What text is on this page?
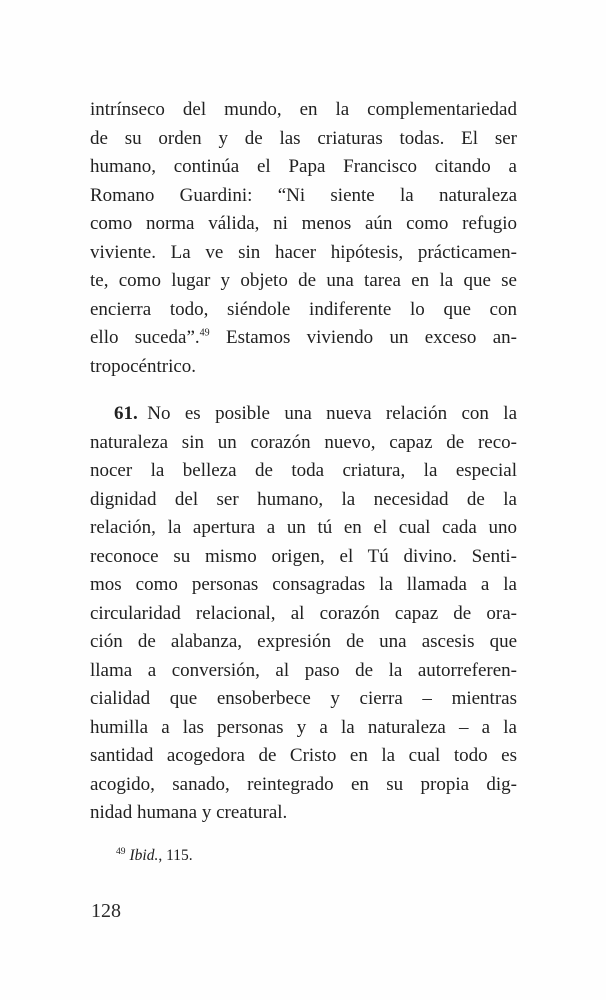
intrínseco del mundo, en la complementariedad
de su orden y de las criaturas todas. El ser
humano, continúa el Papa Francisco citando a
Romano Guardini: “Ni siente la naturaleza
como norma válida, ni menos aún como refugio
viviente. La ve sin hacer hipótesis, prácticamen-
te, como lugar y objeto de una tarea en la que se
encierra todo, siéndole indiferente lo que con
ello suceda”.$^{49}$ Estamos viviendo un exceso an-
tropocéntrico.
61. No es posible una nueva relación con la
naturaleza sin un corazón nuevo, capaz de reco-
nocer la belleza de toda criatura, la especial
dignidad del ser humano, la necesidad de la
relación, la apertura a un tú en el cual cada uno
reconoce su mismo origen, el Tú divino. Senti-
mos como personas consagradas la llamada a la
circularidad relacional, al corazón capaz de ora-
ción de alabanza, expresión de una ascesis que
llama a conversión, al paso de la autorreferen-
cialidad que ensoberbece y cierra – mientras
humilla a las personas y a la naturaleza – a la
santidad acogedora de Cristo en la cual todo es
acogido, sanado, reintegrado en su propia dig-
nidad humana y creatural.
$^{49}$ Ibid., 115.
128
